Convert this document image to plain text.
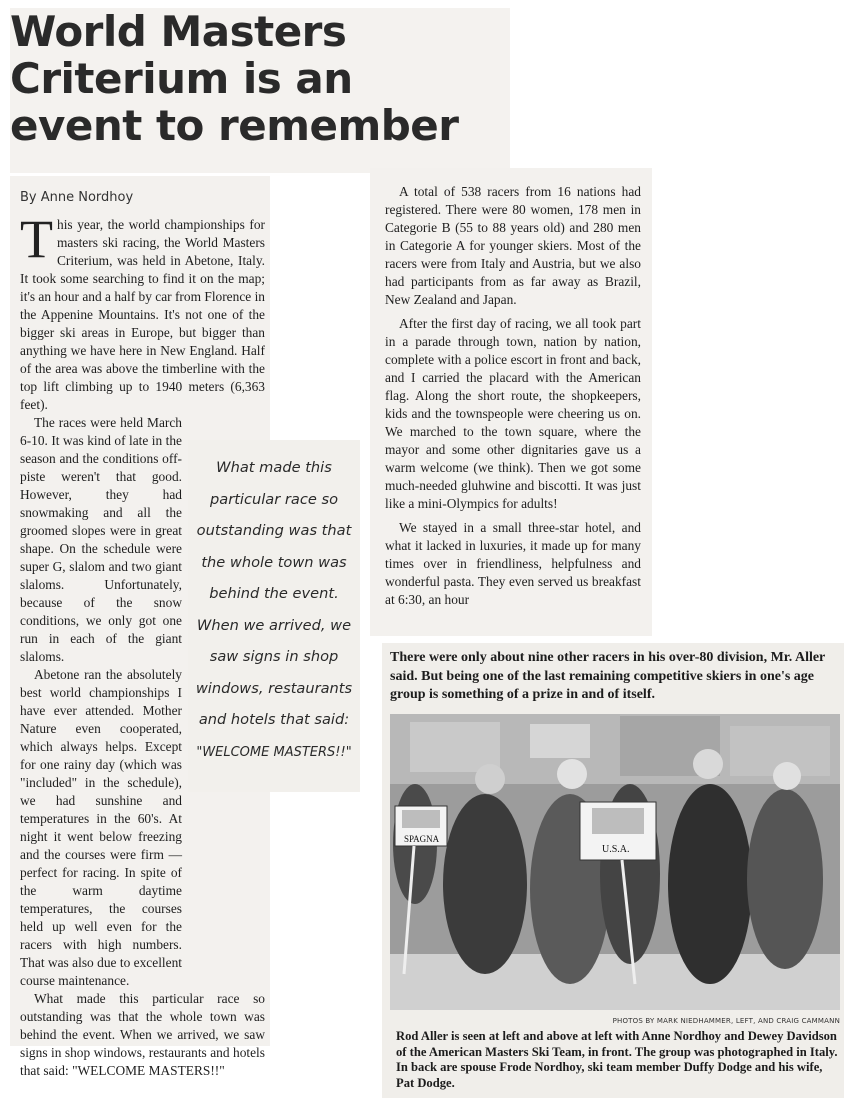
World Masters
Criterium is an
event to remember
By Anne Nordhoy

This year, the world championships for masters ski racing, the World Masters Criterium, was held in Abetone, Italy. It took some searching to find it on the map; it's an hour and a half by car from Florence in the Appenine Mountains. It's not one of the bigger ski areas in Europe, but bigger than anything we have here in New England. Half of the area was above the timberline with the top lift climbing up to 1940 meters (6,363 feet).

The races were held March 6-10. It was kind of late in the season and the conditions off-piste weren't that good. However, they had snowmaking and all the groomed slopes were in great shape. On the schedule were super G, slalom and two giant slaloms. Unfortunately, because of the snow conditions, we only got one run in each of the giant slaloms.

Abetone ran the absolutely best world championships I have ever attended. Mother Nature even cooperated, which always helps. Except for one rainy day (which was "included" in the schedule), we had sunshine and temperatures in the 60's. At night it went below freezing and the courses were firm — perfect for racing. In spite of the warm daytime temperatures, the courses held up well even for the racers with high numbers. That was also due to excellent course maintenance.

What made this particular race so outstanding was that the whole town was behind the event. When we arrived, we saw signs in shop windows, restaurants and hotels that said: "WELCOME MASTERS!!"

What made this particular race so outstanding was that the whole town was behind the event. When we arrived, we saw signs in shop windows, restaurants and hotels that said: "WELCOME MASTERS!!"

A total of 538 racers from 16 nations had registered. There were 80 women, 178 men in Categorie B (55 to 88 years old) and 280 men in Categorie A for younger skiers. Most of the racers were from Italy and Austria, but we also had participants from as far away as Brazil, New Zealand and Japan.

After the first day of racing, we all took part in a parade through town, nation by nation, complete with a police escort in front and back, and I carried the placard with the American flag. Along the short route, the shopkeepers, kids and the townspeople were cheering us on. We marched to the town square, where the mayor and some other dignitaries gave us a warm welcome (we think). Then we got some much-needed gluhwine and biscotti. It was just like a mini-Olympics for adults!

We stayed in a small three-star hotel, and what it lacked in luxuries, it made up for many times over in friendliness, helpfulness and wonderful pasta. They even served us breakfast at 6:30, an hour

There were only about nine other racers in his over-80 division, Mr. Aller said. But being one of the last remaining competitive skiers in one's age group is something of a prize in and of itself.
SPAGNA
U.S.A.
PHOTOS BY MARK NIEDHAMMER, LEFT, AND CRAIG CAMMANN
Rod Aller is seen at left and above at left with Anne Nordhoy and Dewey Davidson of the American Masters Ski Team, in front. The group was photographed in Italy. In back are spouse Frode Nordhoy, ski team member Duffy Dodge and his wife, Pat Dodge.
